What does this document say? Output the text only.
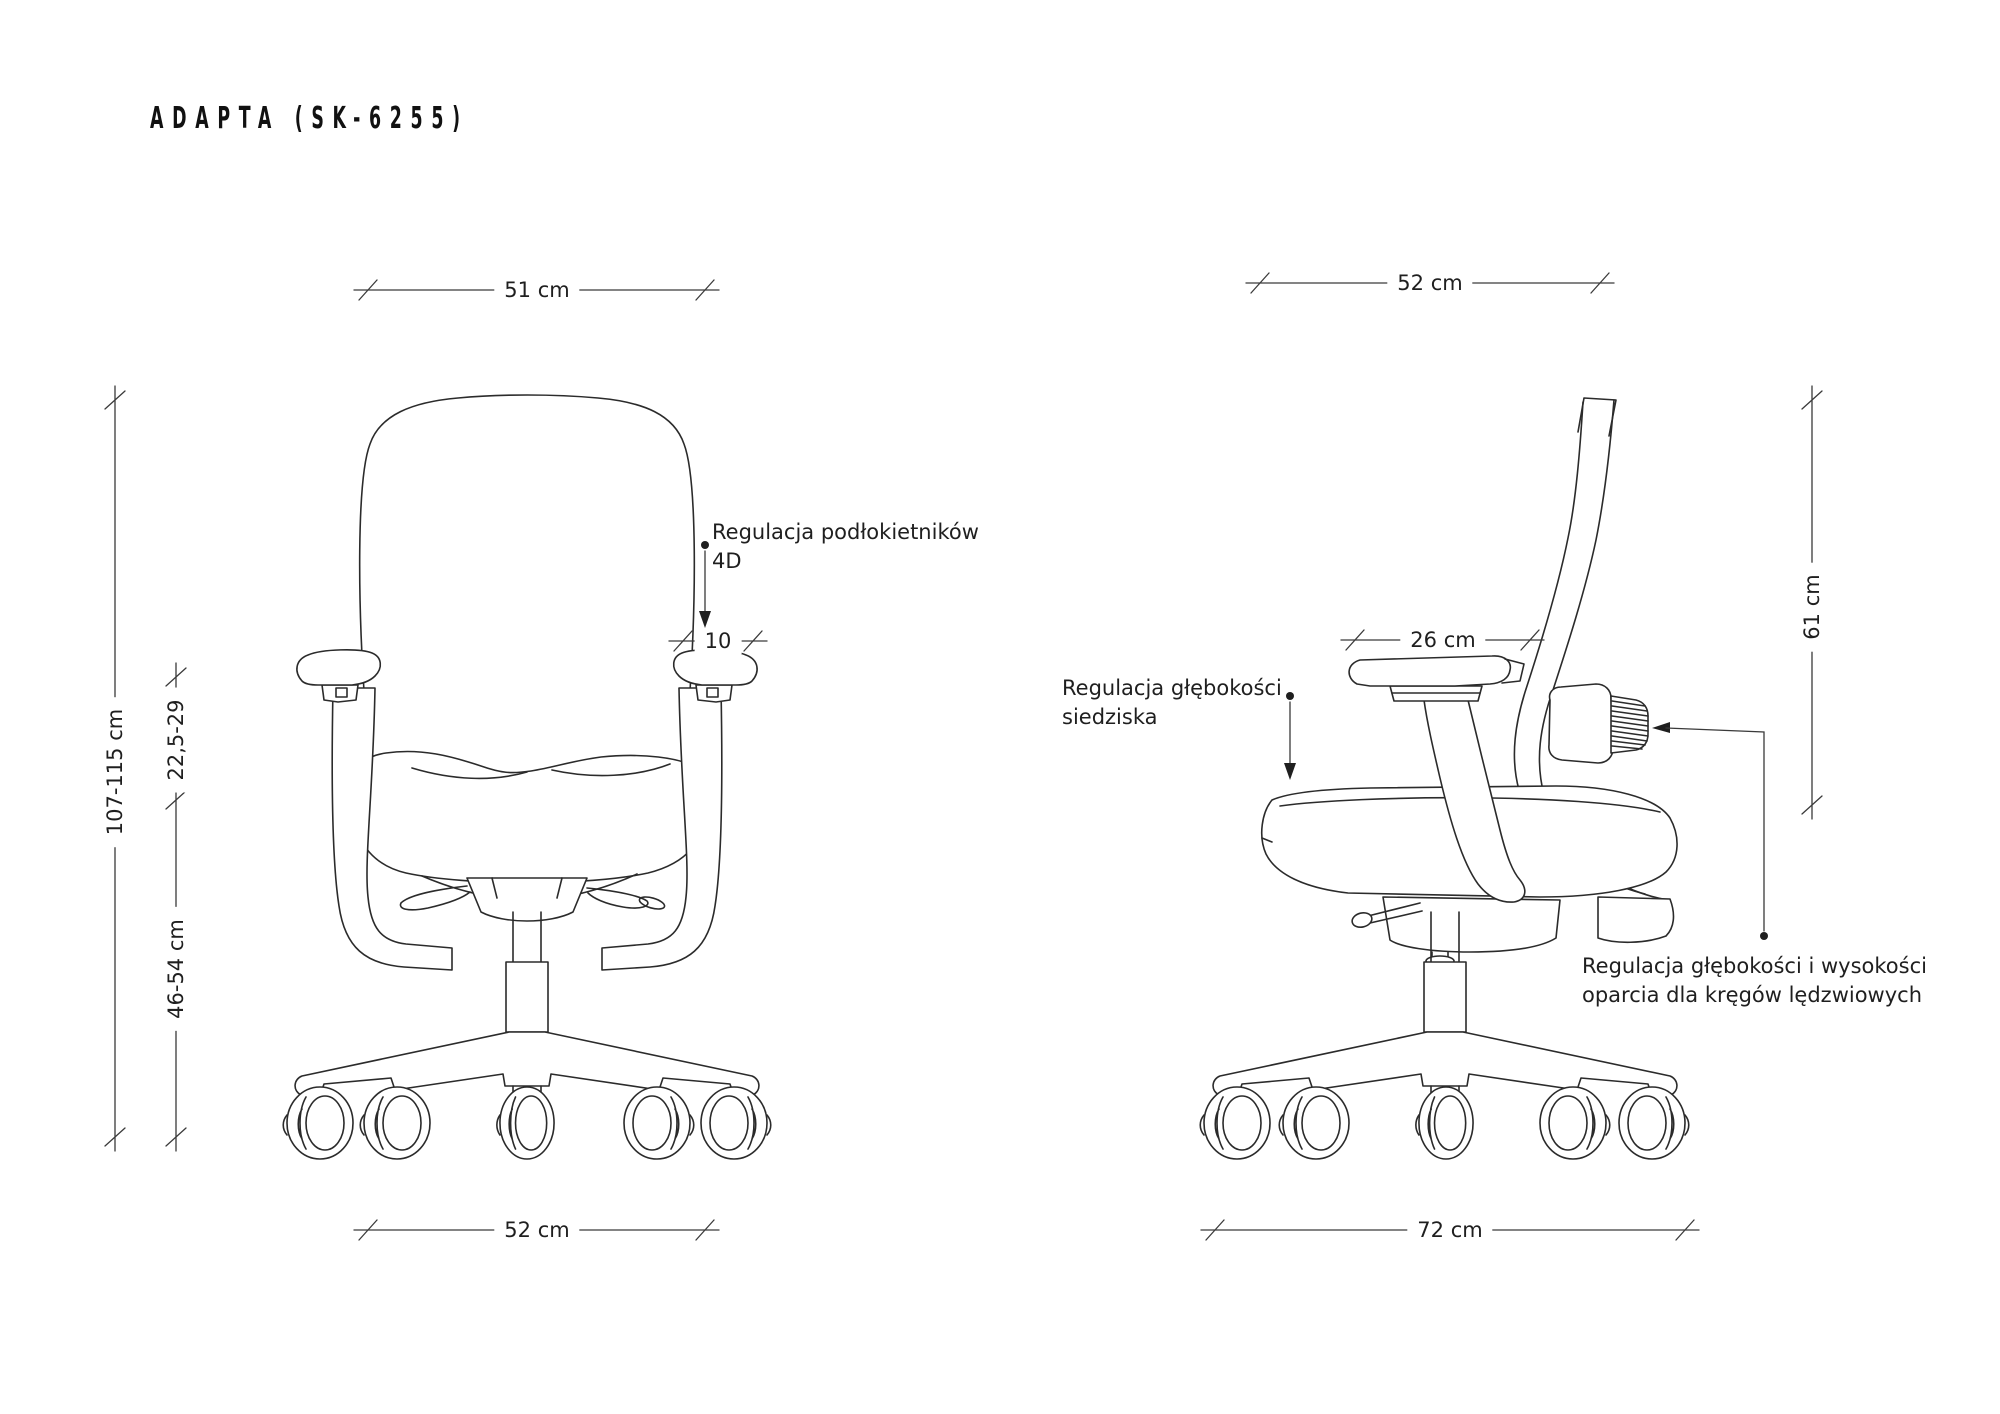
ADAPTA (SK-6255)
51 cm
52 cm
107-115 cm 22,5-29
46-54 cm
10
52 cm
26 cm
61 cm
72 cm
Regulacja podłokietników
4D
Regulacja głębokości
siedziska
Regulacja głębokości i wysokości
oparcia dla kręgów lędzwiowych
